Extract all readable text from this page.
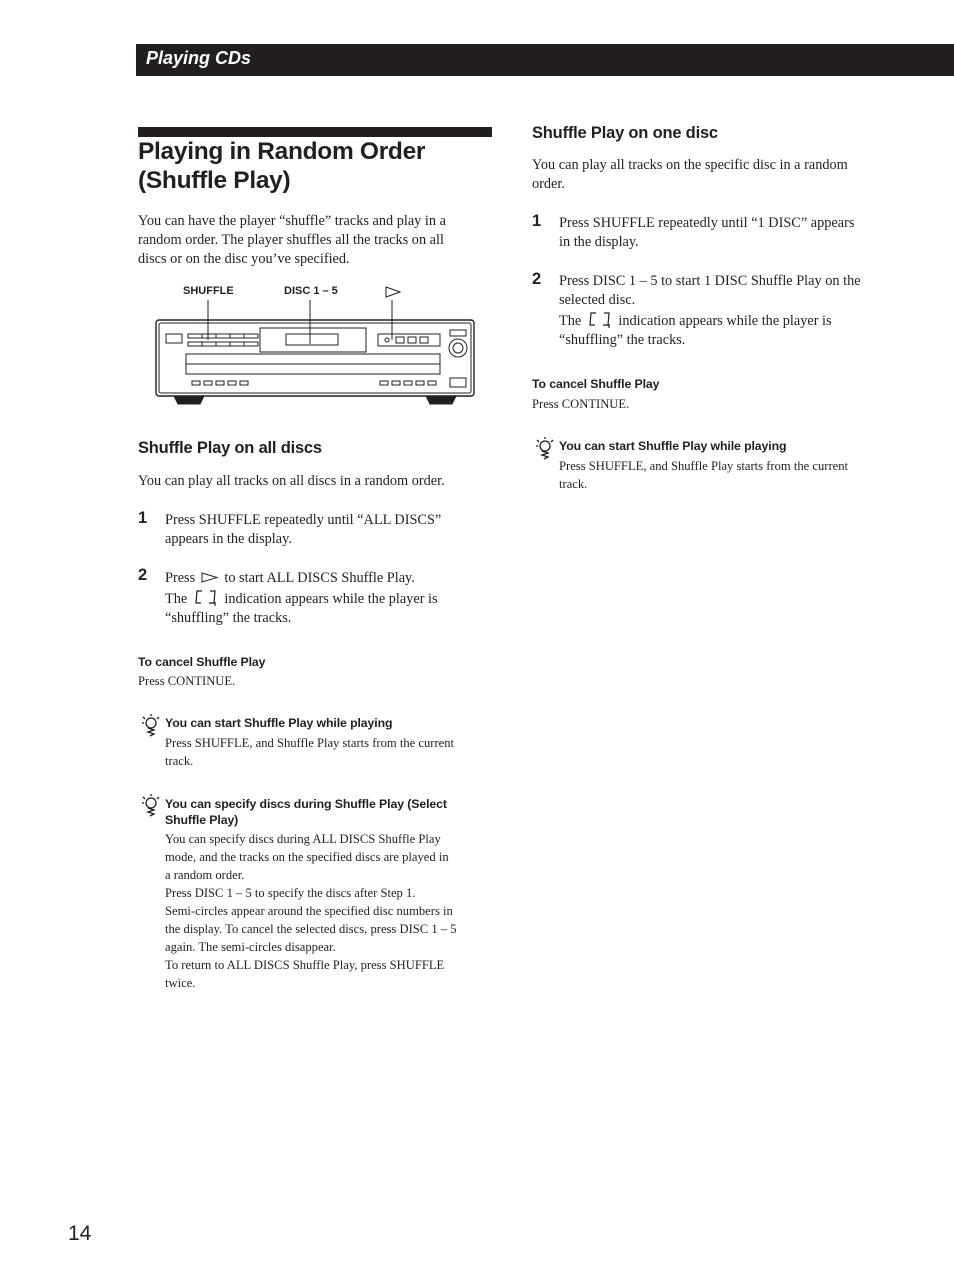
Playing CDs
Playing in Random Order
(Shuffle Play)
You can have the player “shuffle” tracks and play in a
random order. The player shuffles all the tracks on all
discs or on the disc you’ve specified.
SHUFFLE	DISC 1 – 5
Shuffle Play on all discs
You can play all tracks on all discs in a random order.
1 Press SHUFFLE repeatedly until “ALL DISCS”
appears in the display.
2 Press to start ALL DISCS Shuffle Play.
The	indication appears while the player is
“shuffling” the tracks.
To cancel Shuffle Play
Press CONTINUE.
You can start Shuffle Play while playing
Press SHUFFLE, and Shuffle Play starts from the current
track.
You can specify discs during Shuffle Play (Select
Shuffle Play)
You can specify discs during ALL DISCS Shuffle Play
mode, and the tracks on the specified discs are played in
a random order.
Press DISC 1 – 5 to specify the discs after Step 1.
Semi-circles appear around the specified disc numbers in
the display. To cancel the selected discs, press DISC 1 – 5
again. The semi-circles disappear.
To return to ALL DISCS Shuffle Play, press SHUFFLE
twice.
Shuffle Play on one disc
You can play all tracks on the specific disc in a random
order.
1 Press SHUFFLE repeatedly until “1 DISC” appears
in the display.
2 Press DISC 1 – 5 to start 1 DISC Shuffle Play on the
selected disc.
The	indication appears while the player is
“shuffling” the tracks.
To cancel Shuffle Play
Press CONTINUE.
You can start Shuffle Play while playing
Press SHUFFLE, and Shuffle Play starts from the current
track.
14
